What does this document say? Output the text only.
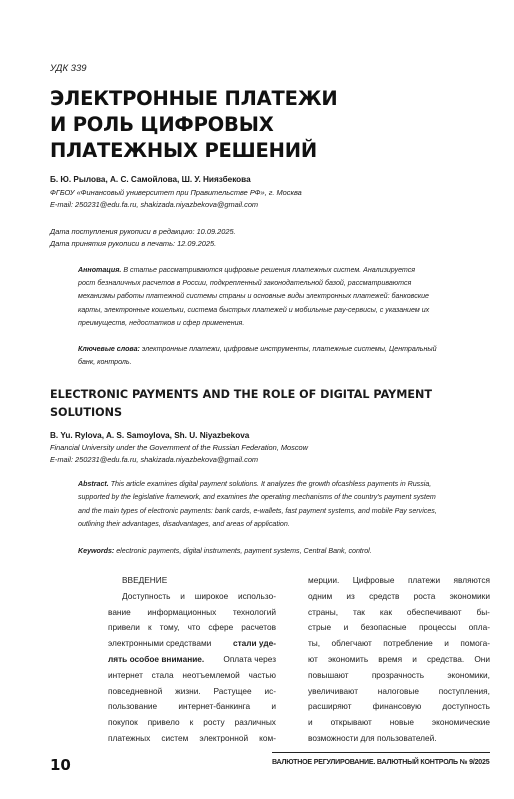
УДК 339
ЭЛЕКТРОННЫЕ ПЛАТЕЖИ
И РОЛЬ ЦИФРОВЫХ
ПЛАТЕЖНЫХ РЕШЕНИЙ
Б. Ю. Рылова, А. С. Самойлова, Ш. У. Ниязбекова
ФГБОУ «Финансовый университет при Правительстве РФ», г. Москва
E-mail: 250231@edu.fa.ru, shakizada.niyazbekova@gmail.com
Дата поступления рукописи в редакцию: 10.09.2025.
Дата принятия рукописи в печать: 12.09.2025.
Аннотация. В статье рассматриваются цифровые решения платежных систем. Анализируется
рост безналичных расчетов в России, подкрепленный законодательной базой, рассматриваются
механизмы работы платежной системы страны и основные виды электронных платежей: банковские
карты, электронные кошельки, система быстрых платежей и мобильные pay-сервисы, с указанием их
преимуществ, недостатков и сфер применения.
Ключевые слова: электронные платежи, цифровые инструменты, платежные системы, Центральный
банк, контроль.
ELECTRONIC PAYMENTS AND THE ROLE OF DIGITAL PAYMENT
SOLUTIONS
B. Yu. Rylova, A. S. Samoylova, Sh. U. Niyazbekova
Financial University under the Government of the Russian Federation, Moscow
E-mail: 250231@edu.fa.ru, shakizada.niyazbekova@gmail.com
Abstract. This article examines digital payment solutions. It analyzes the growth ofcashless payments in Russia,
supported by the legislative framework, and examines the operating mechanisms of the country's payment system
and the main types of electronic payments: bank cards, e-wallets, fast payment systems, and mobile Pay services,
outlining their advantages, disadvantages, and areas of application.
Keywords: electronic payments, digital instruments, payment systems, Central Bank, control.
ВВЕДЕНИЕ
Доступность и широкое использо-
вание информационных технологий
привели к тому, что сфере расчетов
электронными средствами	стали уде-
лять особое внимание. Оплата через
интернет стала неотъемлемой частью
повседневной жизни. Растущее ис-
пользование	интернет-банкинга	и
покупок привело к росту различных
платежных систем электронной ком-
мерции. Цифровые платежи являются
одним из средств роста экономики
страны, так как обеспечивают бы-
стрые и безопасные процессы опла-
ты, облегчают потребление и помога-
ют экономить время и средства. Они
повышают	прозрачность	экономики,
увеличивают налоговые поступления,
расширяют	финансовую	доступность
и открывают новые экономические
возможности для пользователей.
10	ВАЛЮТНОЕ РЕГУЛИРОВАНИЕ. ВАЛЮТНЫЙ КОНТРОЛЬ № 9/2025
